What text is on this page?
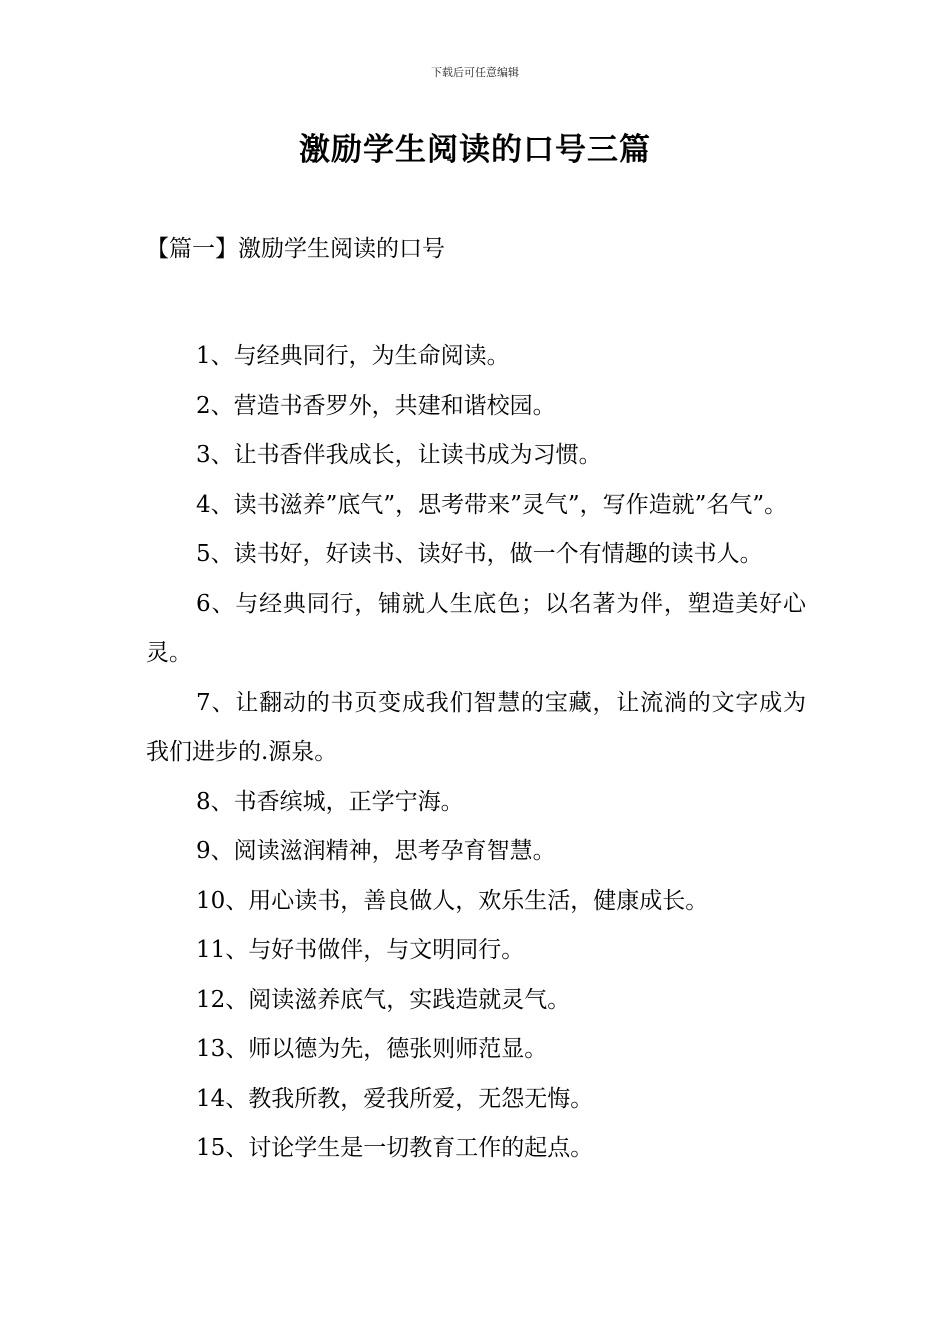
下载后可任意编辑
激励学生阅读的口号三篇
【篇一】激励学生阅读的口号
1、与经典同行，为生命阅读。
2、营造书香罗外，共建和谐校园。
3、让书香伴我成长，让读书成为习惯。
4、读书滋养”底气”，思考带来”灵气”，写作造就”名气”。
5、读书好，好读书、读好书，做一个有情趣的读书人。
6、与经典同行，铺就人生底色；以名著为伴，塑造美好心灵。
7、让翻动的书页变成我们智慧的宝藏，让流淌的文字成为我们进步的.源泉。
8、书香缤城，正学宁海。
9、阅读滋润精神，思考孕育智慧。
10、用心读书，善良做人，欢乐生活，健康成长。
11、与好书做伴，与文明同行。
12、阅读滋养底气，实践造就灵气。
13、师以德为先，德张则师范显。
14、教我所教，爱我所爱，无怨无悔。
15、讨论学生是一切教育工作的起点。
